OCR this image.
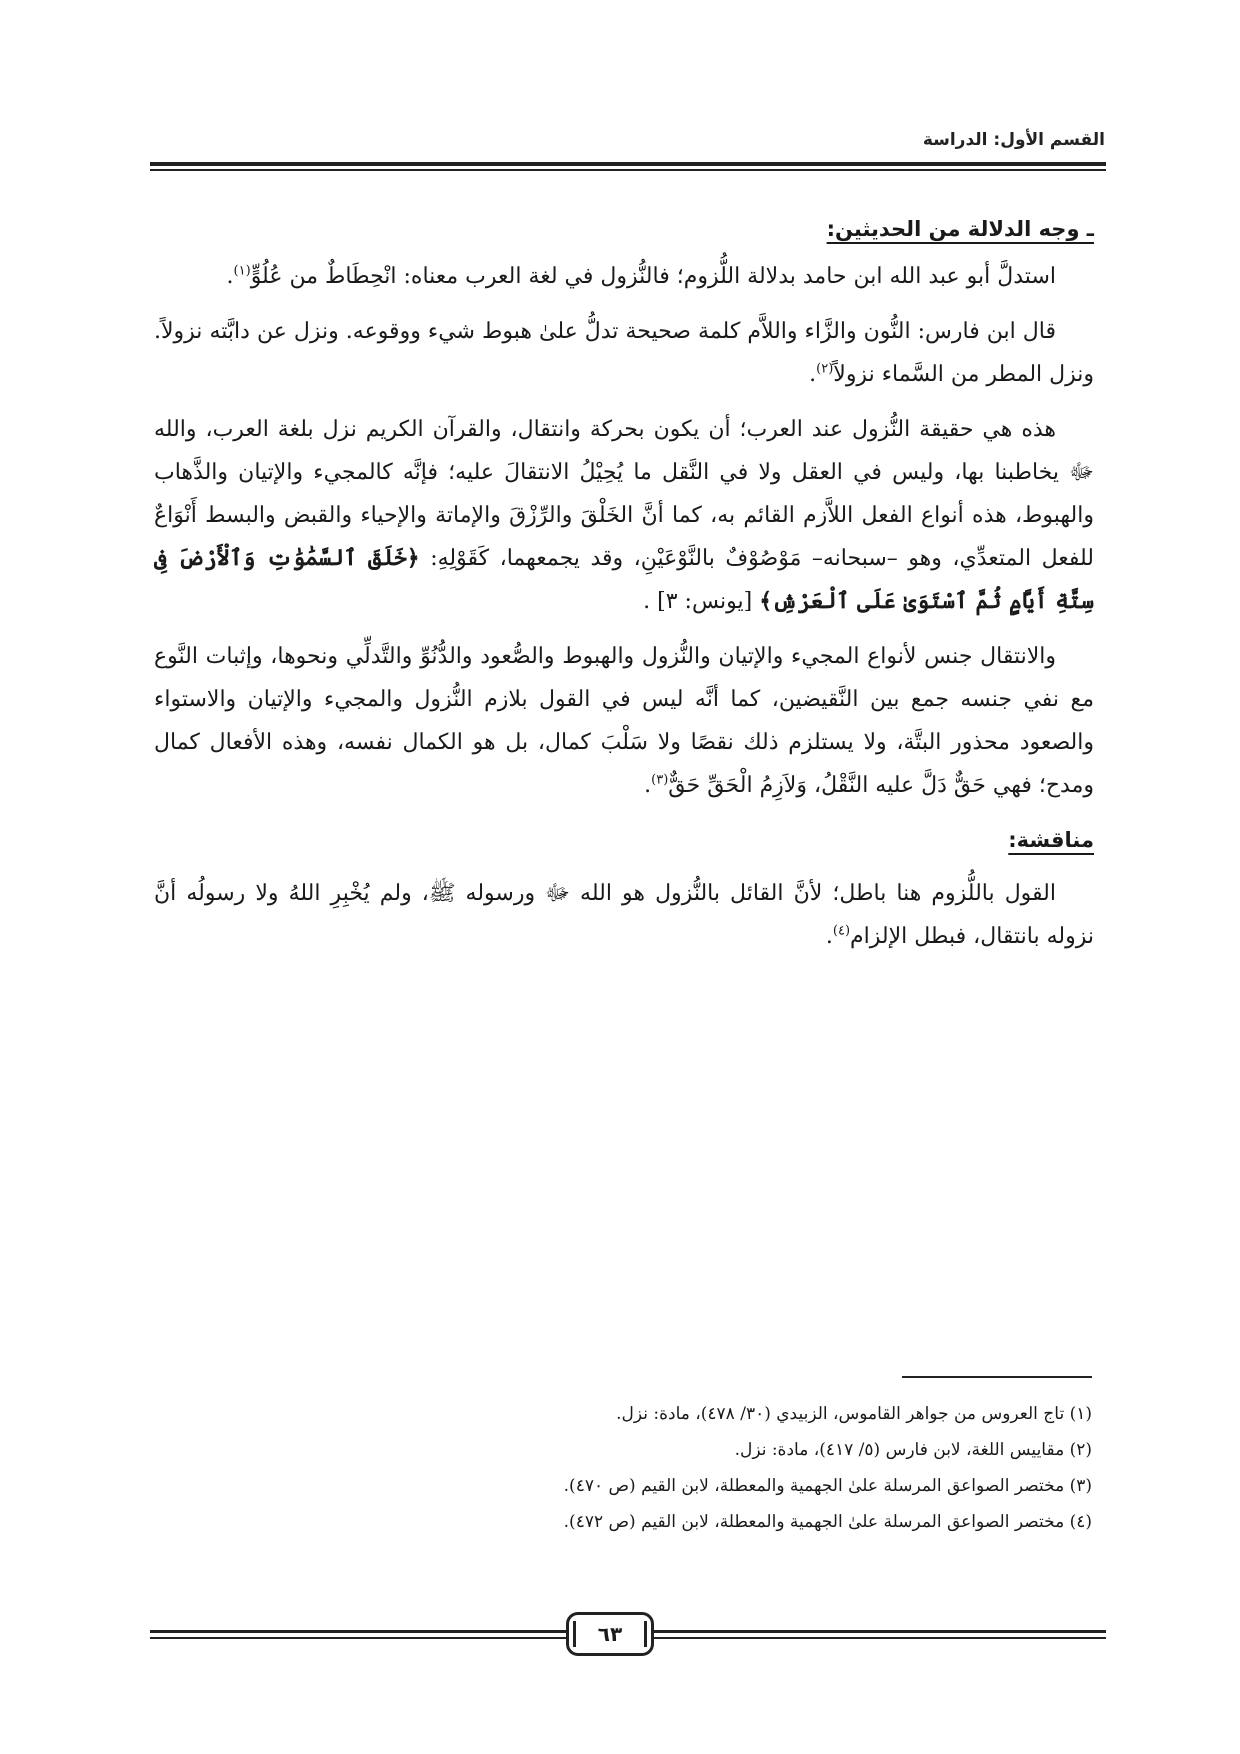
القسم الأول: الدراسة
ـ وجه الدلالة من الحديثين:

استدلَّ أبو عبد الله ابن حامد بدلالة اللُّزوم؛ فالنُّزول في لغة العرب معناه: انْحِطَاطٌ من عُلُوٍّ$^{(١)}$.

قال ابن فارس: النُّون والزَّاء واللاَّم كلمة صحيحة تدلُّ علىٰ هبوط شيء ووقوعه. ونزل عن دابَّته نزولاً. ونزل المطر من السَّماء نزولاً$^{(٢)}$.

هذه هي حقيقة النُّزول عند العرب؛ أن يكون بحركة وانتقال، والقرآن الكريم نزل بلغة العرب، والله ﷻ يخاطبنا بها، وليس في العقل ولا في النَّقل ما يُحِيْلُ الانتقالَ عليه؛ فإنَّه كالمجيء والإتيان والذَّهاب والهبوط، هذه أنواع الفعل اللاَّزم القائم به، كما أنَّ الخَلْقَ والرِّزْقَ والإماتة والإحياء والقبض والبسط أَنْوَاعٌ للفعل المتعدِّي، وهو –سبحانه– مَوْصُوْفٌ بالنَّوْعَيْنِ، وقد يجمعهما، كَقَوْلِهِ: ﴿خَلَقَ ٱلسَّمَٰوَٰتِ وَٱلْأَرْضَ فِى سِتَّةِ أَيَّامٍ ثُمَّ ٱسْتَوَىٰ عَلَى ٱلْعَرْشِ﴾ [يونس: ٣] .

والانتقال جنس لأنواع المجيء والإتيان والنُّزول والهبوط والصُّعود والدُّنُوِّ والتَّدلِّي ونحوها، وإثبات النَّوع مع نفي جنسه جمع بين النَّقيضين، كما أنَّه ليس في القول بلازم النُّزول والمجيء والإتيان والاستواء والصعود محذور البتَّة، ولا يستلزم ذلك نقصًا ولا سَلْبَ كمال، بل هو الكمال نفسه، وهذه الأفعال كمال ومدح؛ فهي حَقٌّ دَلَّ عليه النَّقْلُ، وَلاَزِمُ الْحَقِّ حَقٌّ$^{(٣)}$.

مناقشة:

القول باللُّزوم هنا باطل؛ لأنَّ القائل بالنُّزول هو الله ﷻ ورسوله ﷺ، ولم يُخْبِرِ اللهُ ولا رسولُه أنَّ نزوله بانتقال، فبطل الإلزام$^{(٤)}$.

(١) تاج العروس من جواهر القاموس، الزبيدي (٣٠/ ٤٧٨)، مادة: نزل.

(٢) مقاييس اللغة، لابن فارس (٥/ ٤١٧)، مادة: نزل.

(٣) مختصر الصواعق المرسلة علىٰ الجهمية والمعطلة، لابن القيم (ص ٤٧٠).

(٤) مختصر الصواعق المرسلة علىٰ الجهمية والمعطلة، لابن القيم (ص ٤٧٢).

٦٣
